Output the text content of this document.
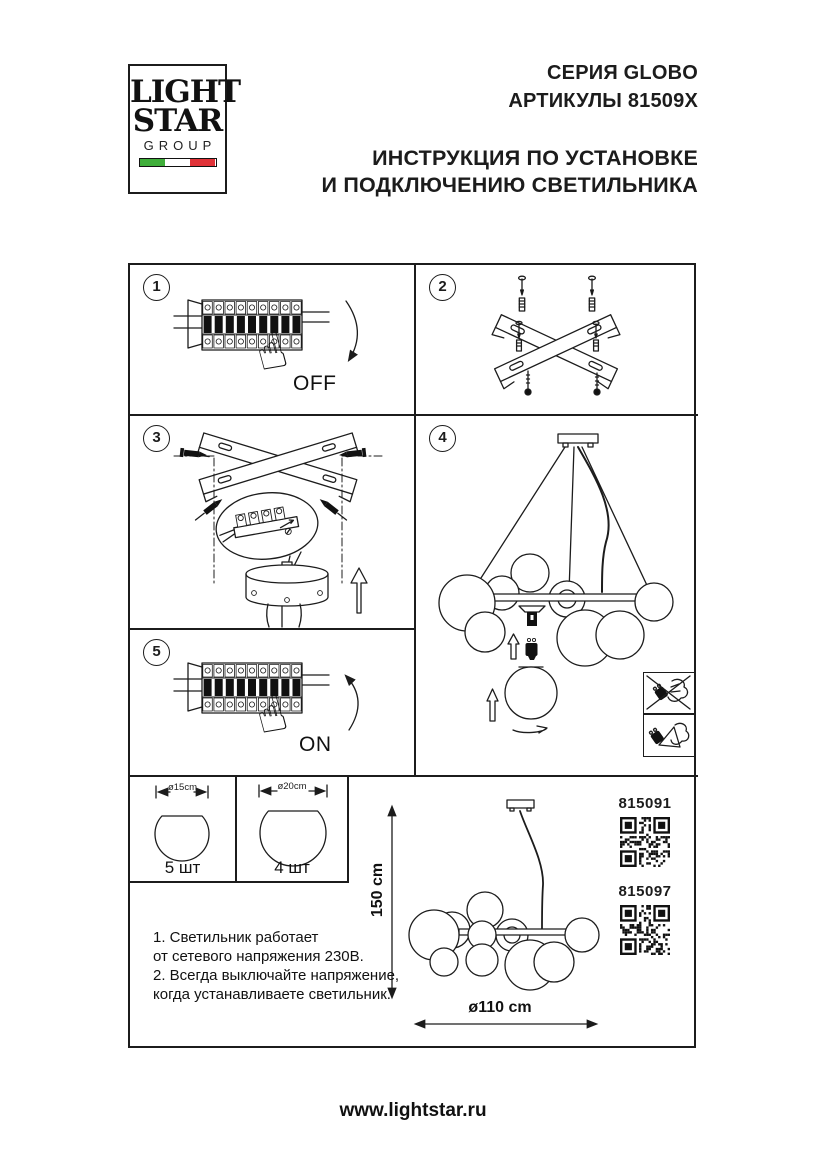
LIGHT
STAR
GROUP
СЕРИЯ GLOBO
АРТИКУЛЫ 81509X
ИНСТРУКЦИЯ ПО УСТАНОВКЕ
И ПОДКЛЮЧЕНИЮ СВЕТИЛЬНИКА
☝
☝
ø15cm
5 шт
ø20cm
4 шт
1	2
3	4
5
OFF
ON
1. Светильник работает
от сетевого напряжения 230В.
2. Всегда выключайте напряжение,
когда устанавливаете светильник.
150 cm
ø110 cm
815091
815097
www.lightstar.ru
